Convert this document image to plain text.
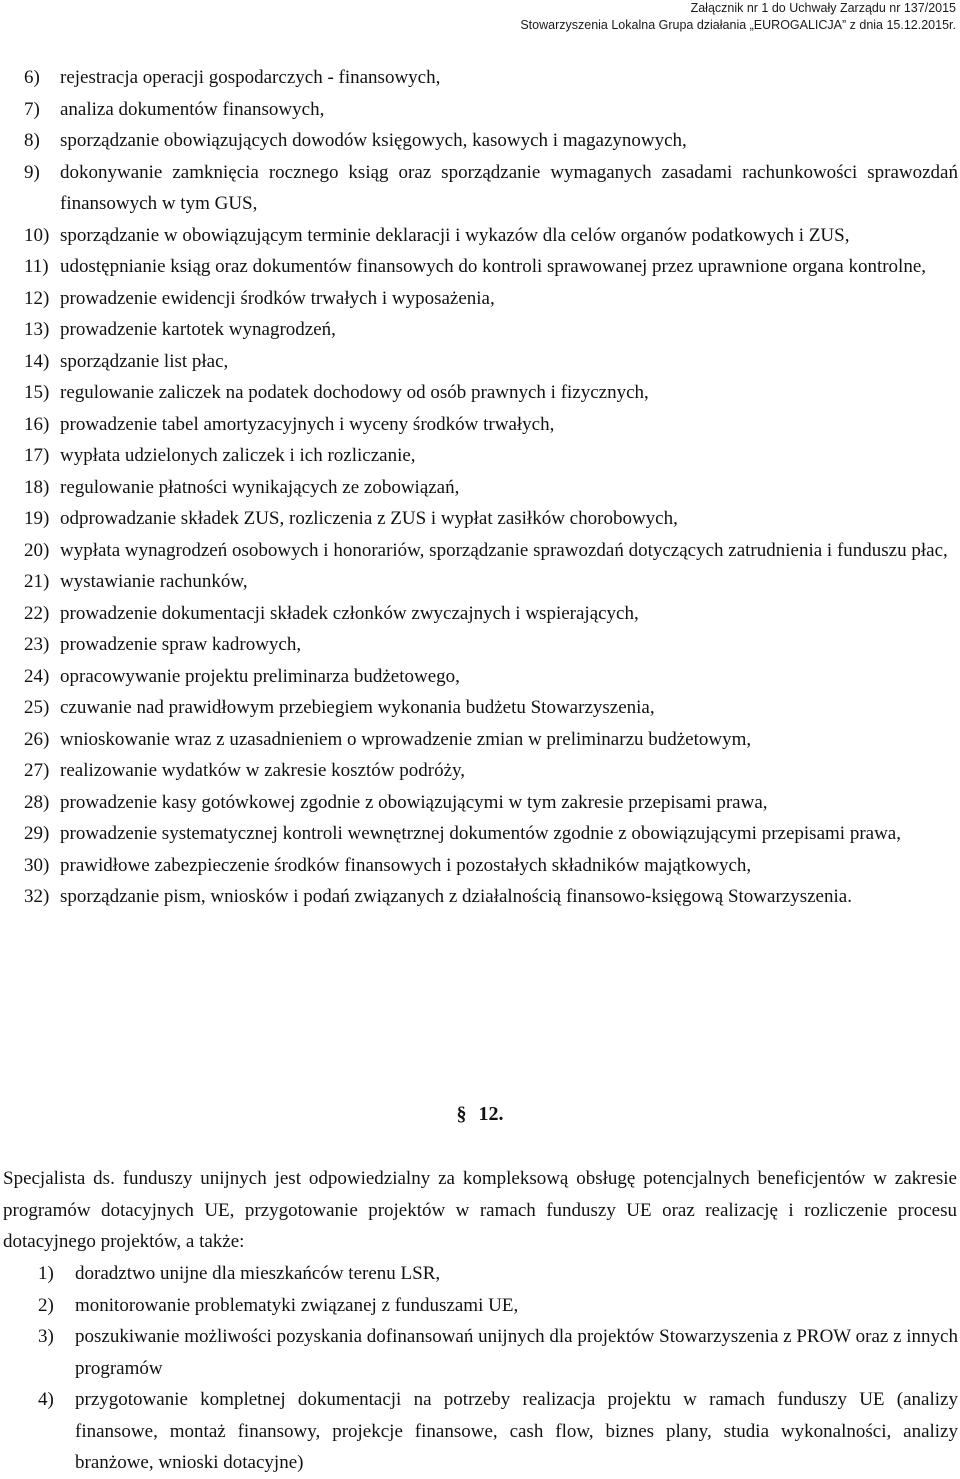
Załącznik nr 1 do Uchwały Zarządu nr 137/2015
Stowarzyszenia Lokalna Grupa działania „EUROGALICJA” z dnia 15.12.2015r.
6) rejestracja operacji gospodarczych - finansowych,
7) analiza dokumentów finansowych,
8) sporządzanie obowiązujących dowodów księgowych, kasowych i magazynowych,
9) dokonywanie zamknięcia rocznego ksiąg oraz sporządzanie wymaganych zasadami rachunkowości sprawozdań finansowych w tym GUS,
10) sporządzanie w obowiązującym terminie deklaracji i wykazów dla celów organów podatkowych i ZUS,
11) udostępnianie ksiąg oraz dokumentów finansowych do kontroli sprawowanej przez uprawnione organa kontrolne,
12) prowadzenie ewidencji środków trwałych i wyposażenia,
13) prowadzenie kartotek wynagrodzeń,
14) sporządzanie list płac,
15) regulowanie zaliczek na podatek dochodowy od osób prawnych i fizycznych,
16) prowadzenie tabel amortyzacyjnych i wyceny środków trwałych,
17) wypłata udzielonych zaliczek i ich rozliczanie,
18) regulowanie płatności wynikających ze zobowiązań,
19) odprowadzanie składek ZUS, rozliczenia z ZUS i wypłat zasiłków chorobowych,
20) wypłata wynagrodzeń osobowych i honorariów, sporządzanie sprawozdań dotyczących zatrudnienia i funduszu płac,
21) wystawianie rachunków,
22) prowadzenie dokumentacji składek członków zwyczajnych i wspierających,
23) prowadzenie spraw kadrowych,
24) opracowywanie projektu preliminarza budżetowego,
25) czuwanie nad prawidłowym przebiegiem wykonania budżetu Stowarzyszenia,
26) wnioskowanie wraz z uzasadnieniem o wprowadzenie zmian w preliminarzu budżetowym,
27) realizowanie wydatków w zakresie kosztów podróży,
28) prowadzenie kasy gotówkowej zgodnie z obowiązującymi w tym zakresie przepisami prawa,
29) prowadzenie systematycznej kontroli wewnętrznej dokumentów zgodnie z obowiązującymi przepisami prawa,
30) prawidłowe zabezpieczenie środków finansowych i pozostałych składników majątkowych,
32) sporządzanie pism, wniosków i podań związanych z działalnością finansowo-księgową Stowarzyszenia.
§ 12.
Specjalista ds. funduszy unijnych jest odpowiedzialny za kompleksową obsługę potencjalnych beneficjentów w zakresie programów dotacyjnych UE, przygotowanie projektów w ramach funduszy UE oraz realizację i rozliczenie procesu dotacyjnego projektów, a także:
1) doradztwo unijne dla mieszkańców terenu LSR,
2) monitorowanie problematyki związanej z funduszami UE,
3) poszukiwanie możliwości pozyskania dofinansowań unijnych dla projektów Stowarzyszenia z PROW oraz z innych programów
4) przygotowanie kompletnej dokumentacji na potrzeby realizacja projektu w ramach funduszy UE (analizy finansowe, montaż finansowy, projekcje finansowe, cash flow, biznes plany, studia wykonalności, analizy branżowe, wnioski dotacyjne)
